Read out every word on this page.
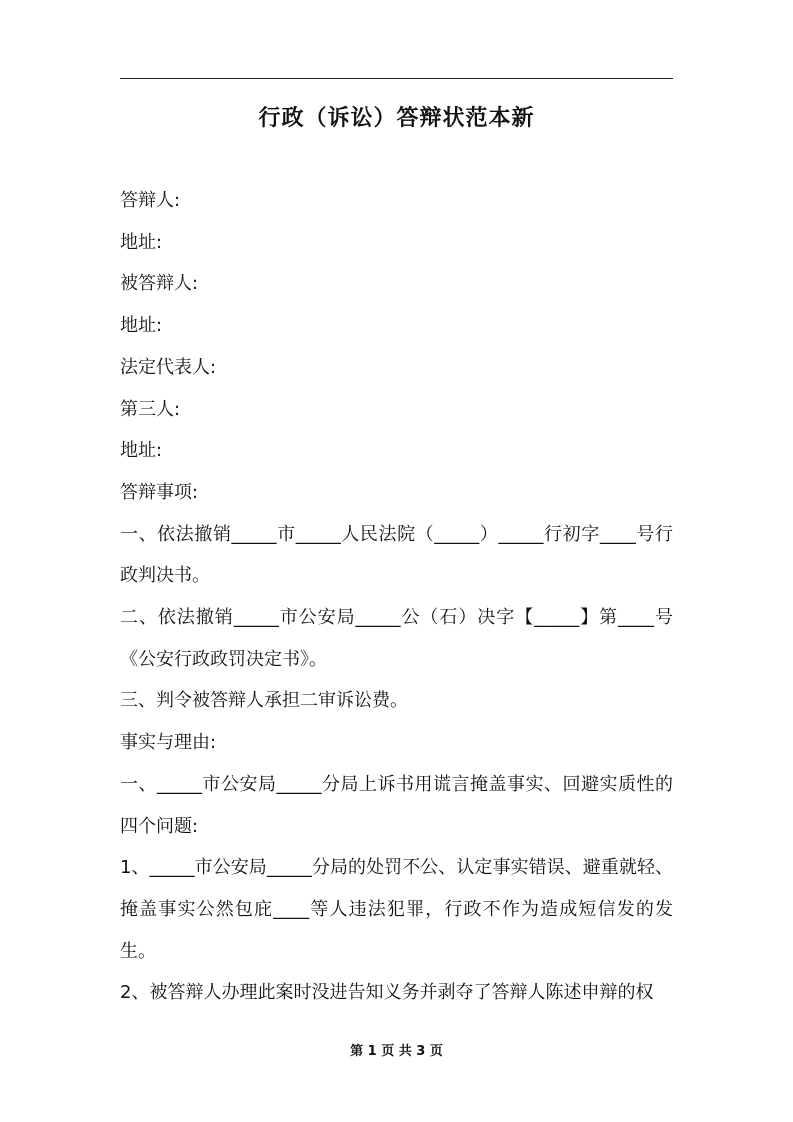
行政（诉讼）答辩状范本新

答辩人:

地址:

被答辩人:

地址:

法定代表人:

第三人:

地址:

答辩事项:

一、依法撤销_____市_____人民法院（_____）_____行初字____号行政判决书。

二、依法撤销_____市公安局_____公（石）决字【_____】第____号《公安行政政罚决定书》。

三、判令被答辩人承担二审诉讼费。

事实与理由:

一、_____市公安局_____分局上诉书用谎言掩盖事实、回避实质性的四个问题:

1、_____市公安局_____分局的处罚不公、认定事实错误、避重就轻、掩盖事实公然包庇____等人违法犯罪，行政不作为造成短信发的发生。

2、被答辩人办理此案时没进告知义务并剥夺了答辩人陈述申辩的权

第 1 页 共 3 页
